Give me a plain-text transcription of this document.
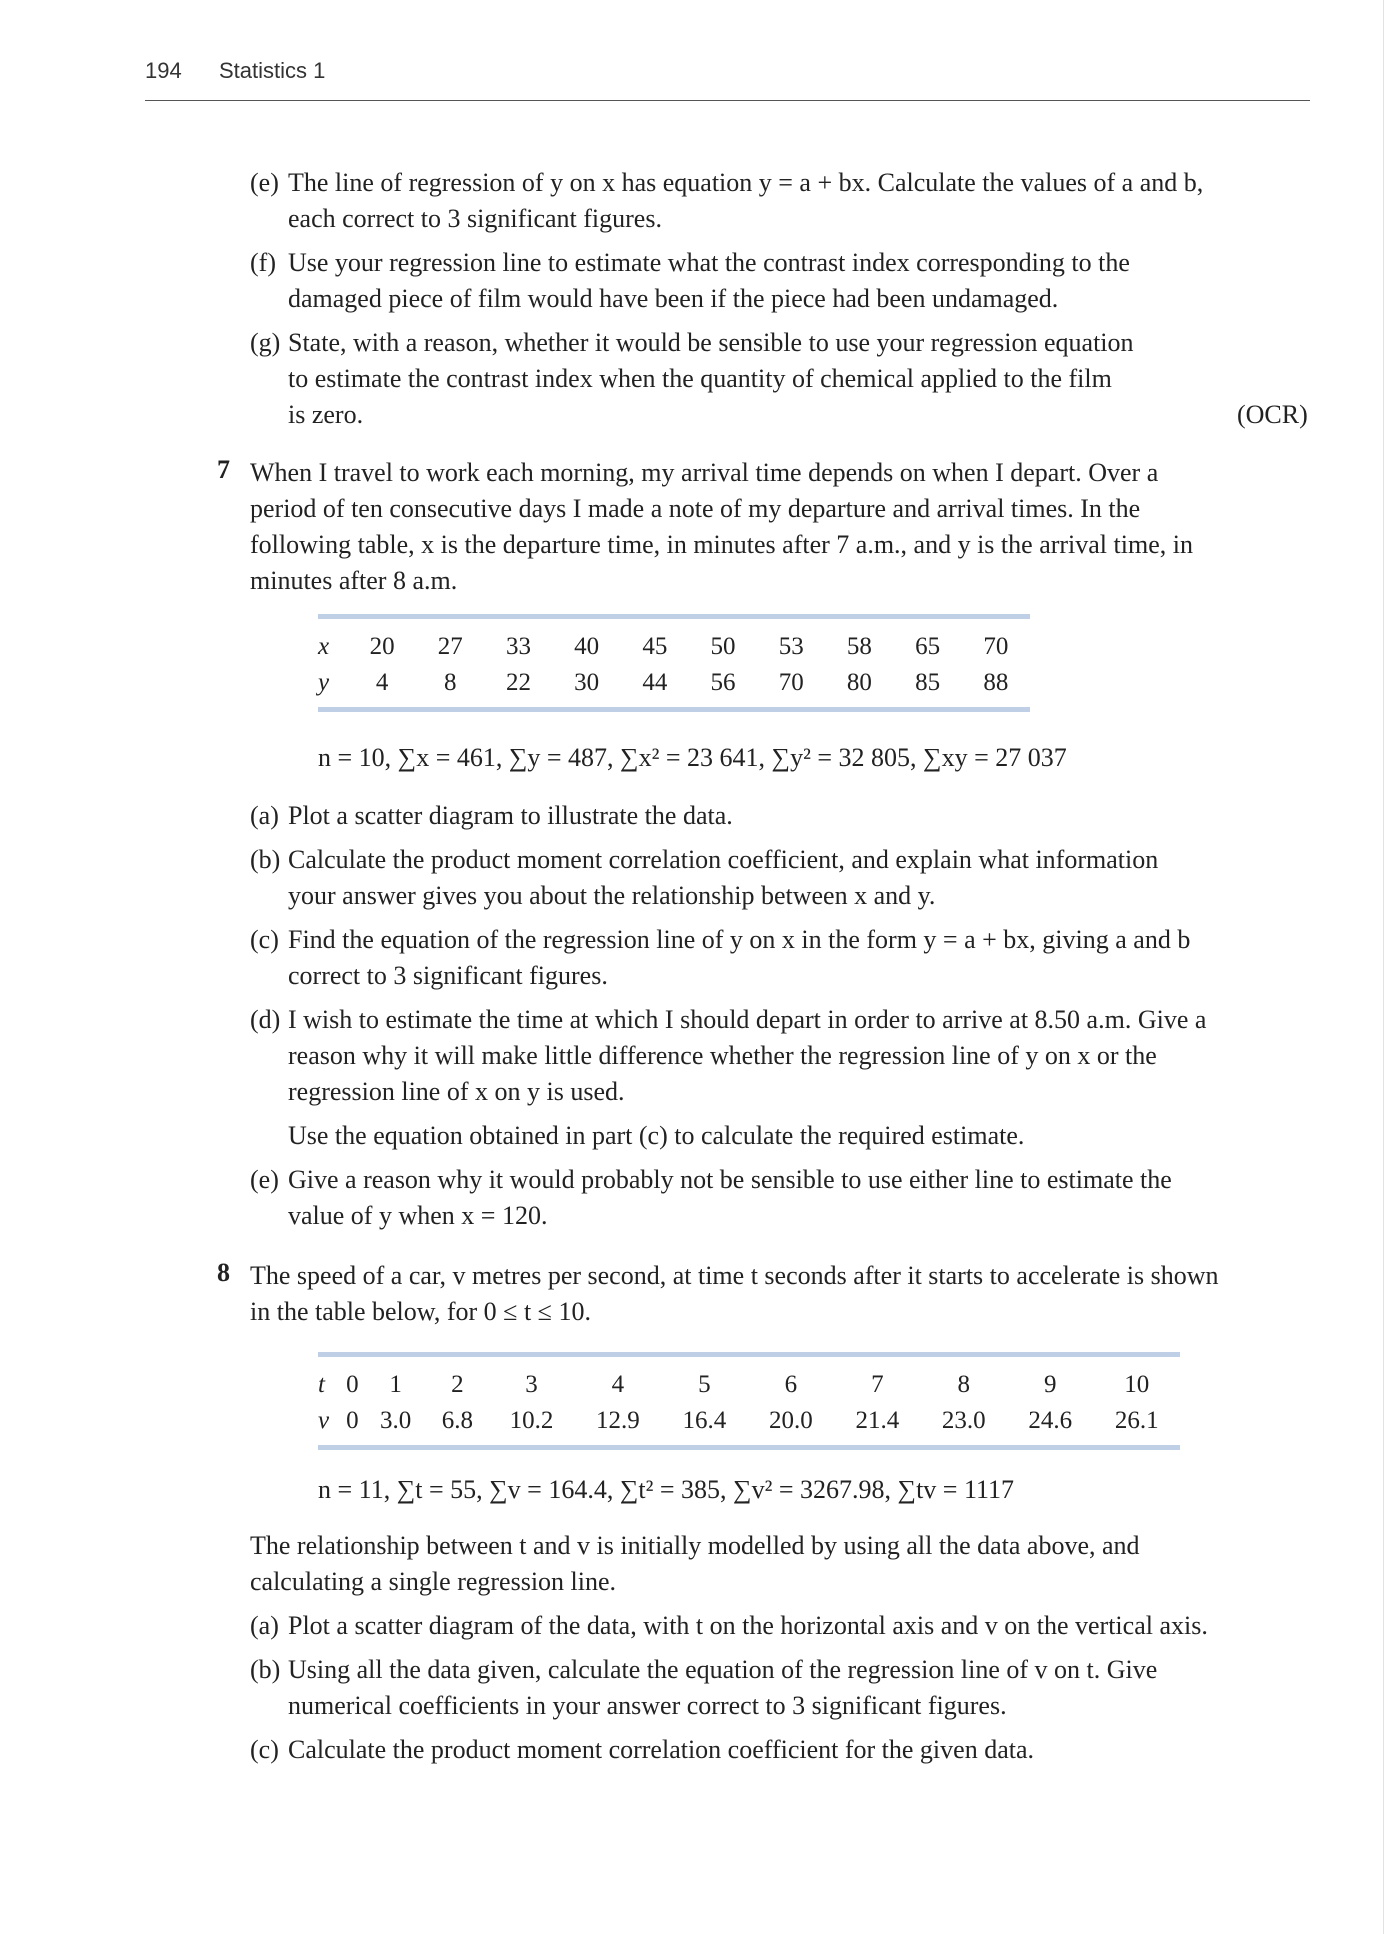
194 Statistics 1
(e) The line of regression of y on x has equation y = a + bx. Calculate the values of a and b,
each correct to 3 significant figures.
(f) Use your regression line to estimate what the contrast index corresponding to the
damaged piece of film would have been if the piece had been undamaged.
(g) State, with a reason, whether it would be sensible to use your regression equation
to estimate the contrast index when the quantity of chemical applied to the film
is zero.	(OCR)
7 When I travel to work each morning, my arrival time depends on when I depart. Over a
period of ten consecutive days I made a note of my departure and arrival times. In the
following table, x is the departure time, in minutes after 7 a.m., and y is the arrival time, in
minutes after 8 a.m.
x	20	27	33	40	45	50	53	58	65	70
y	4	8	22	30	44	56	70	80	85	88
n = 10, ∑x = 461, ∑y = 487, ∑x² = 23 641, ∑y² = 32 805, ∑xy = 27 037
(a) Plot a scatter diagram to illustrate the data.
(b) Calculate the product moment correlation coefficient, and explain what information
your answer gives you about the relationship between x and y.
(c) Find the equation of the regression line of y on x in the form y = a + bx, giving a and b
correct to 3 significant figures.
(d) I wish to estimate the time at which I should depart in order to arrive at 8.50 a.m. Give a
reason why it will make little difference whether the regression line of y on x or the
regression line of x on y is used.
Use the equation obtained in part (c) to calculate the required estimate.
(e) Give a reason why it would probably not be sensible to use either line to estimate the
value of y when x = 120.
8 The speed of a car, v metres per second, at time t seconds after it starts to accelerate is shown
in the table below, for 0 ≤ t ≤ 10.
t	0	1	2	3	4	5	6	7	8	9	10
v	0	3.0	6.8	10.2	12.9	16.4	20.0	21.4	23.0	24.6	26.1
n = 11, ∑t = 55, ∑v = 164.4, ∑t² = 385, ∑v² = 3267.98, ∑tv = 1117
The relationship between t and v is initially modelled by using all the data above, and
calculating a single regression line.
(a) Plot a scatter diagram of the data, with t on the horizontal axis and v on the vertical axis.
(b) Using all the data given, calculate the equation of the regression line of v on t. Give
numerical coefficients in your answer correct to 3 significant figures.
(c) Calculate the product moment correlation coefficient for the given data.
